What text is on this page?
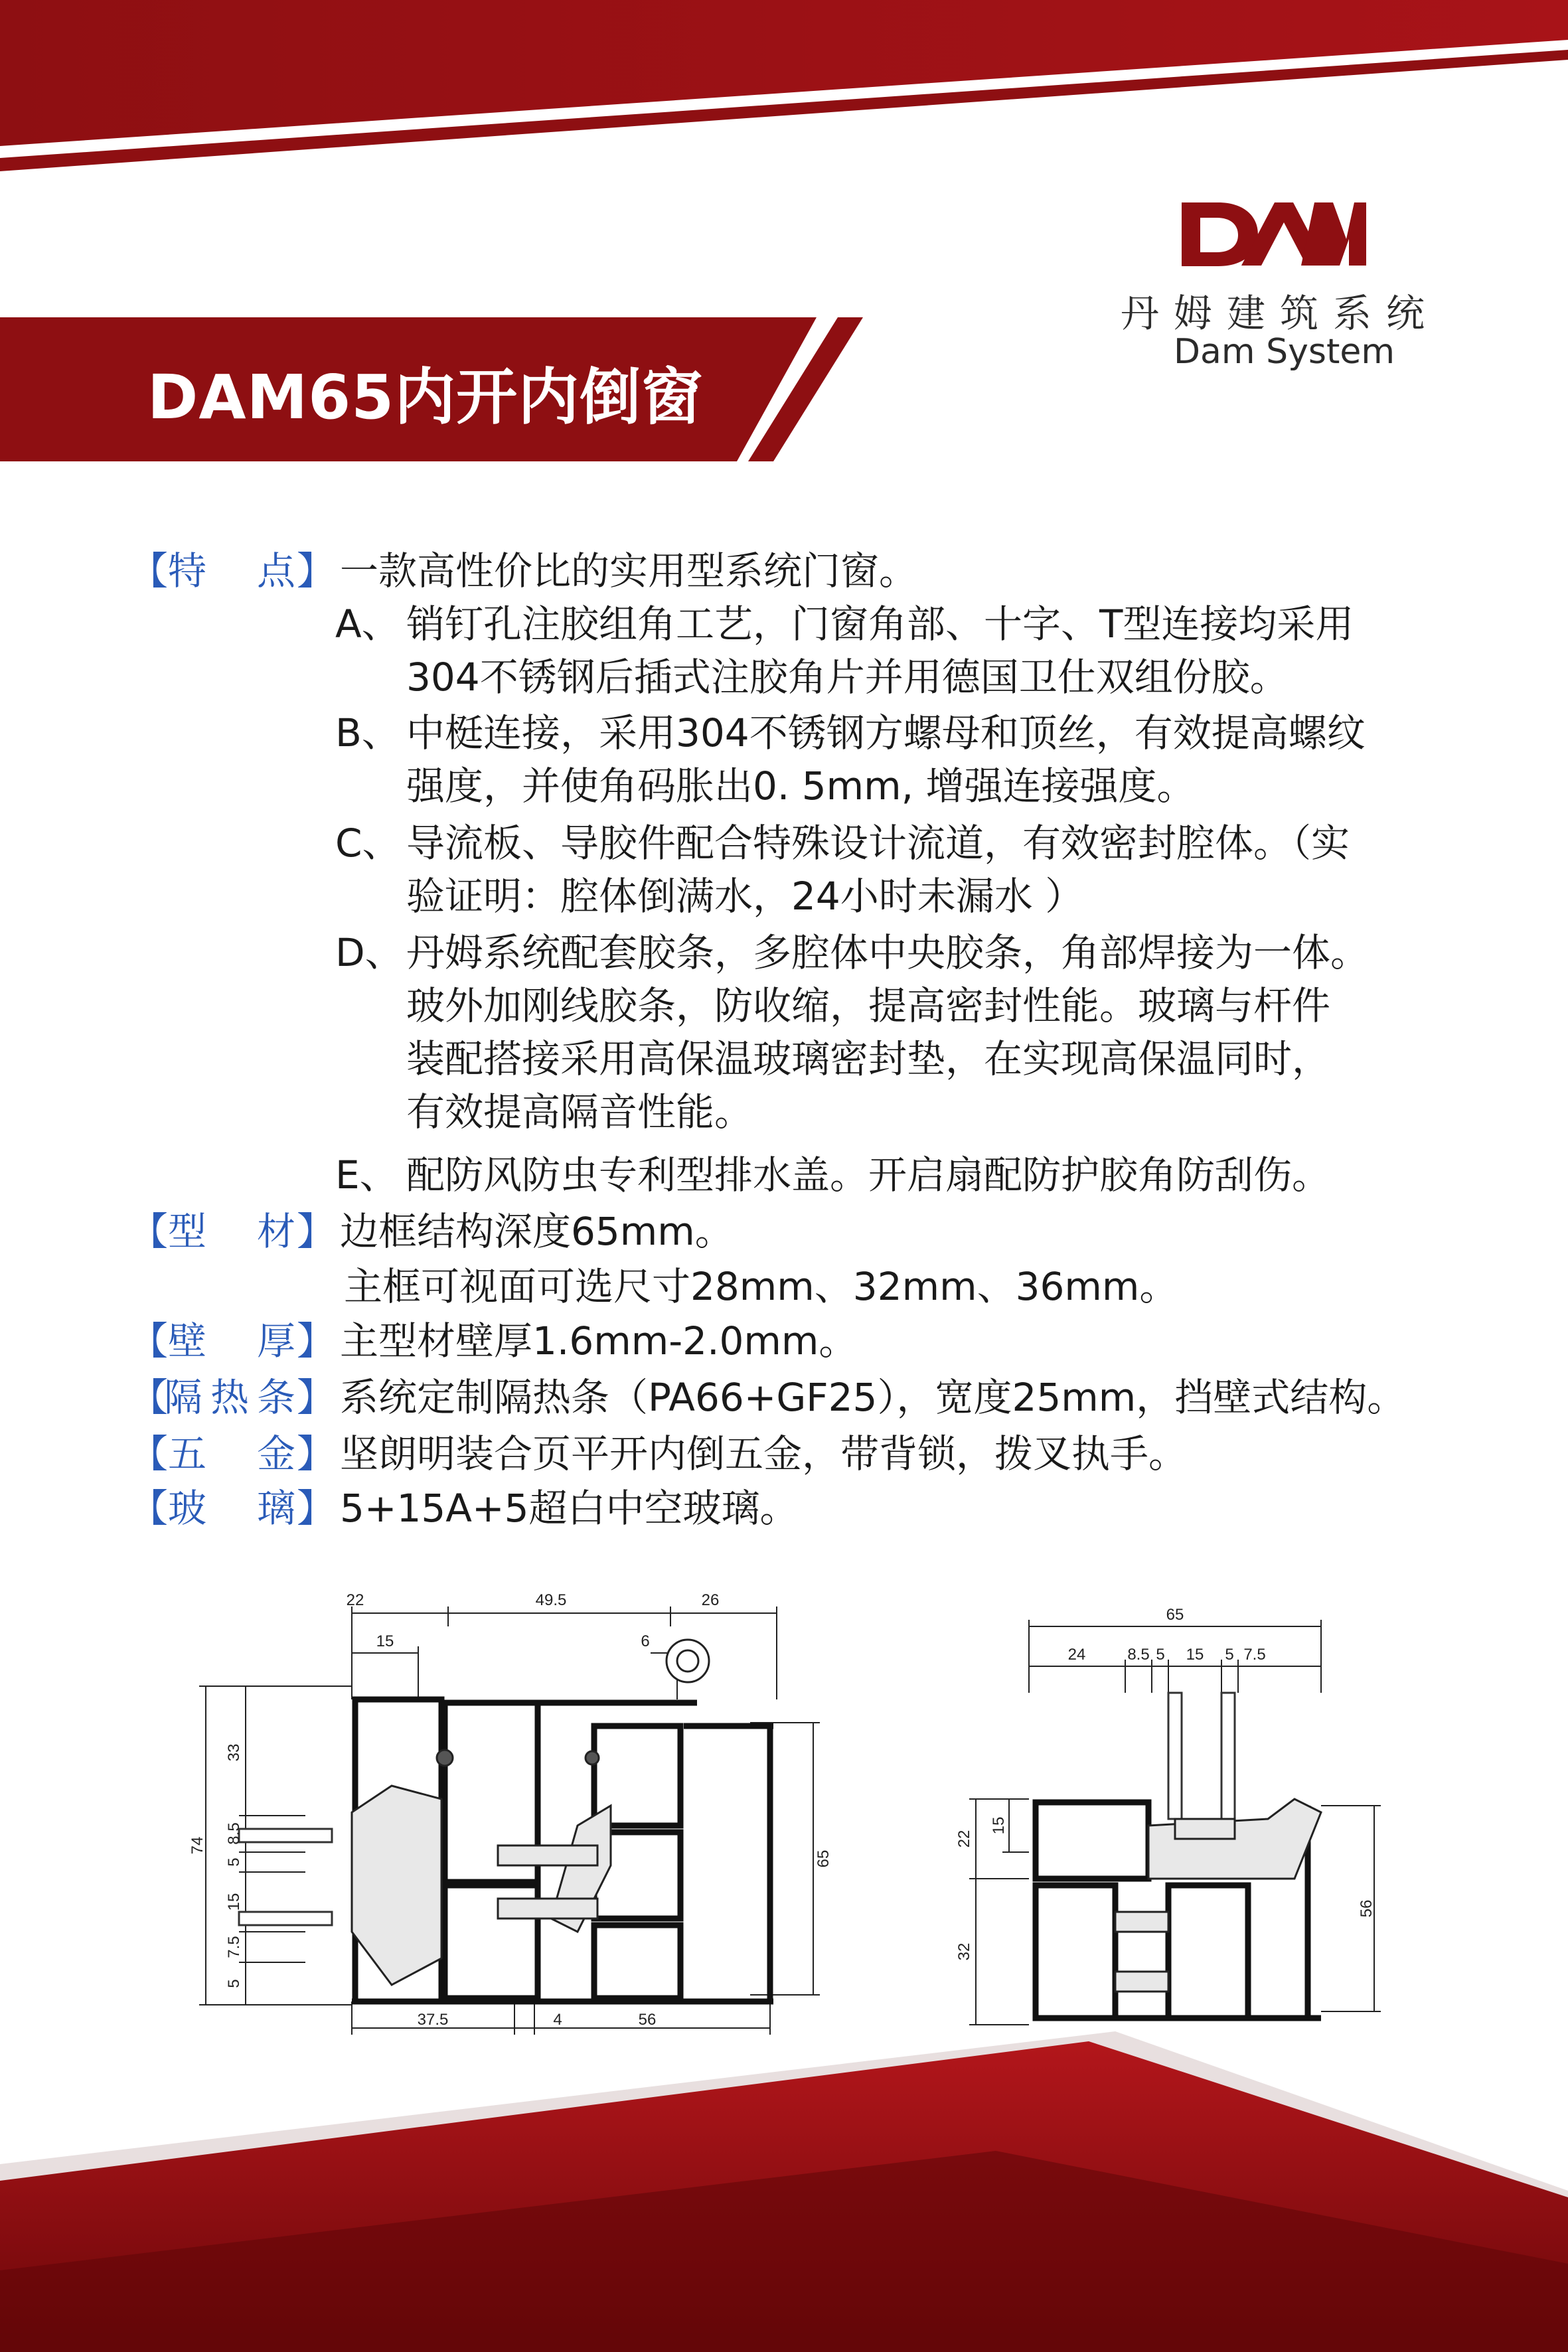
DAM65内开内倒窗
丹姆建筑系统
Dam System
【 特 点 】 一款高性价比的实用型系统门窗。
A、 销钉孔注胶组角工艺，门窗角部、十字、T型连接均采用
304不锈钢后插式注胶角片并用德国卫仕双组份胶。
B、 中梃连接，采用304不锈钢方螺母和顶丝，有效提高螺纹
强度，并使角码胀出0. 5mm, 增强连接强度。
C、 导流板、导胶件配合特殊设计流道，有效密封腔体。（实
验证明：腔体倒满水，24小时未漏水 ）
D、 丹姆系统配套胶条，多腔体中央胶条，角部焊接为一体。
玻外加刚线胶条，防收缩，提高密封性能。玻璃与杆件
装配搭接采用高保温玻璃密封垫，在实现高保温同时，
有效提高隔音性能。
E、 配防风防虫专利型排水盖。开启扇配防护胶角防刮伤。
【 型 材 】 边框结构深度65mm。
主框可视面可选尺寸28mm、32mm、36mm。
【 壁 厚 】 主型材壁厚1.6mm-2.0mm。
【
隔 热 条 】 系统定制隔热条（PA66+GF25），宽度25mm，挡壁式结构。
【 五 金 】 坚朗明装合页平开内倒五金，带背锁，拨叉执手。
【 玻 璃 】 5+15A+5超白中空玻璃。
22	49.5	26
15	6
65
74
33
8.5
5
15
7.5
5
37.5	4	56
65
24	8.5 5 15 5 7.5
22
15
32
56
